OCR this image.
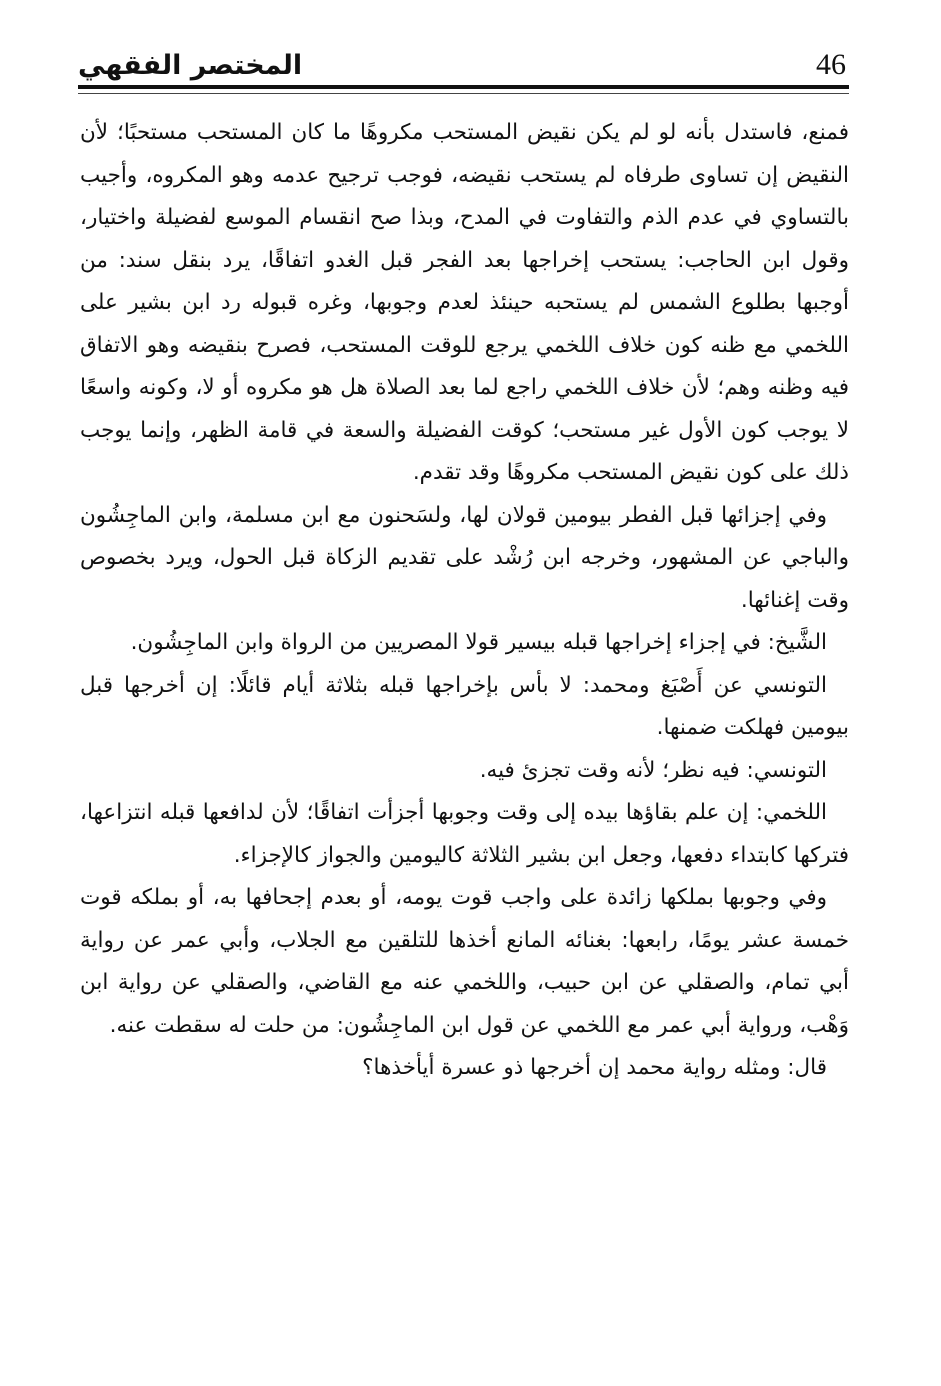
46
المختصر الفقهي

فمنع، فاستدل بأنه لو لم يكن نقيض المستحب مكروهًا ما كان المستحب مستحبًا؛ لأن النقيض إن تساوى طرفاه لم يستحب نقيضه، فوجب ترجيح عدمه وهو المكروه، وأجيب بالتساوي في عدم الذم والتفاوت في المدح، وبذا صح انقسام الموسع لفضيلة واختيار، وقول ابن الحاجب: يستحب إخراجها بعد الفجر قبل الغدو اتفاقًا، يرد بنقل سند: من أوجبها بطلوع الشمس لم يستحبه حينئذ لعدم وجوبها، وغره قبوله رد ابن بشير على اللخمي مع ظنه كون خلاف اللخمي يرجع للوقت المستحب، فصرح بنقيضه وهو الاتفاق فيه وظنه وهم؛ لأن خلاف اللخمي راجع لما بعد الصلاة هل هو مكروه أو لا، وكونه واسعًا لا يوجب كون الأول غير مستحب؛ كوقت الفضيلة والسعة في قامة الظهر، وإنما يوجب ذلك على كون نقيض المستحب مكروهًا وقد تقدم.

وفي إجزائها قبل الفطر بيومين قولان لها، ولسَحنون مع ابن مسلمة، وابن الماجِشُون والباجي عن المشهور، وخرجه ابن رُشْد على تقديم الزكاة قبل الحول، ويرد بخصوص وقت إغنائها.

الشَّيخ: في إجزاء إخراجها قبله بيسير قولا المصريين من الرواة وابن الماجِشُون.

التونسي عن أَصْبَغ ومحمد: لا بأس بإخراجها قبله بثلاثة أيام قائلًا: إن أخرجها قبل بيومين فهلكت ضمنها.

التونسي: فيه نظر؛ لأنه وقت تجزئ فيه.

اللخمي: إن علم بقاؤها بيده إلى وقت وجوبها أجزأت اتفاقًا؛ لأن لدافعها قبله انتزاعها، فتركها كابتداء دفعها، وجعل ابن بشير الثلاثة كاليومين والجواز كالإجزاء.

وفي وجوبها بملكها زائدة على واجب قوت يومه، أو بعدم إجحافها به، أو بملكه قوت خمسة عشر يومًا، رابعها: بغنائه المانع أخذها للتلقين مع الجلاب، وأبي عمر عن رواية أبي تمام، والصقلي عن ابن حبيب، واللخمي عنه مع القاضي، والصقلي عن رواية ابن وَهْب، ورواية أبي عمر مع اللخمي عن قول ابن الماجِشُون: من حلت له سقطت عنه.

قال: ومثله رواية محمد إن أخرجها ذو عسرة أيأخذها؟
